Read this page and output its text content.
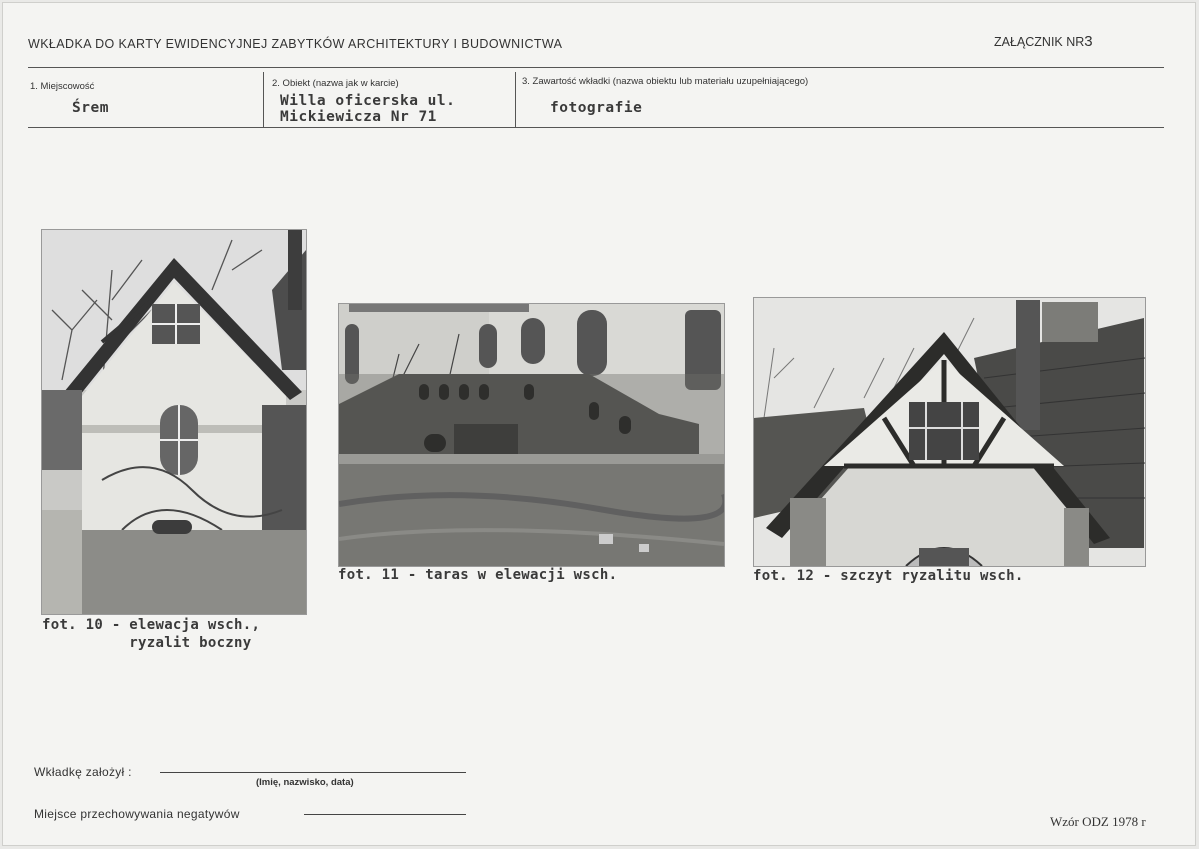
WKŁADKA DO KARTY EWIDENCYJNEJ ZABYTKÓW ARCHITEKTURY I BUDOWNICTWA	ZAŁĄCZNIK NR3
1. Miejscowość
Śrem
2. Obiekt (nazwa jak w karcie)
Willa oficerska ul.
Mickiewicza Nr 71
3. Zawartość wkładki (nazwa obiektu lub materiału uzupełniającego)
fotografie
fot. 10 - elewacja wsch.,
ryzalit boczny
fot. 11 - taras w elewacji wsch.	fot. 12 - szczyt ryzalitu wsch.
Wkładkę założył :
(Imię, nazwisko, data)
Miejsce przechowywania negatywów	Wzór ODZ 1978 r
